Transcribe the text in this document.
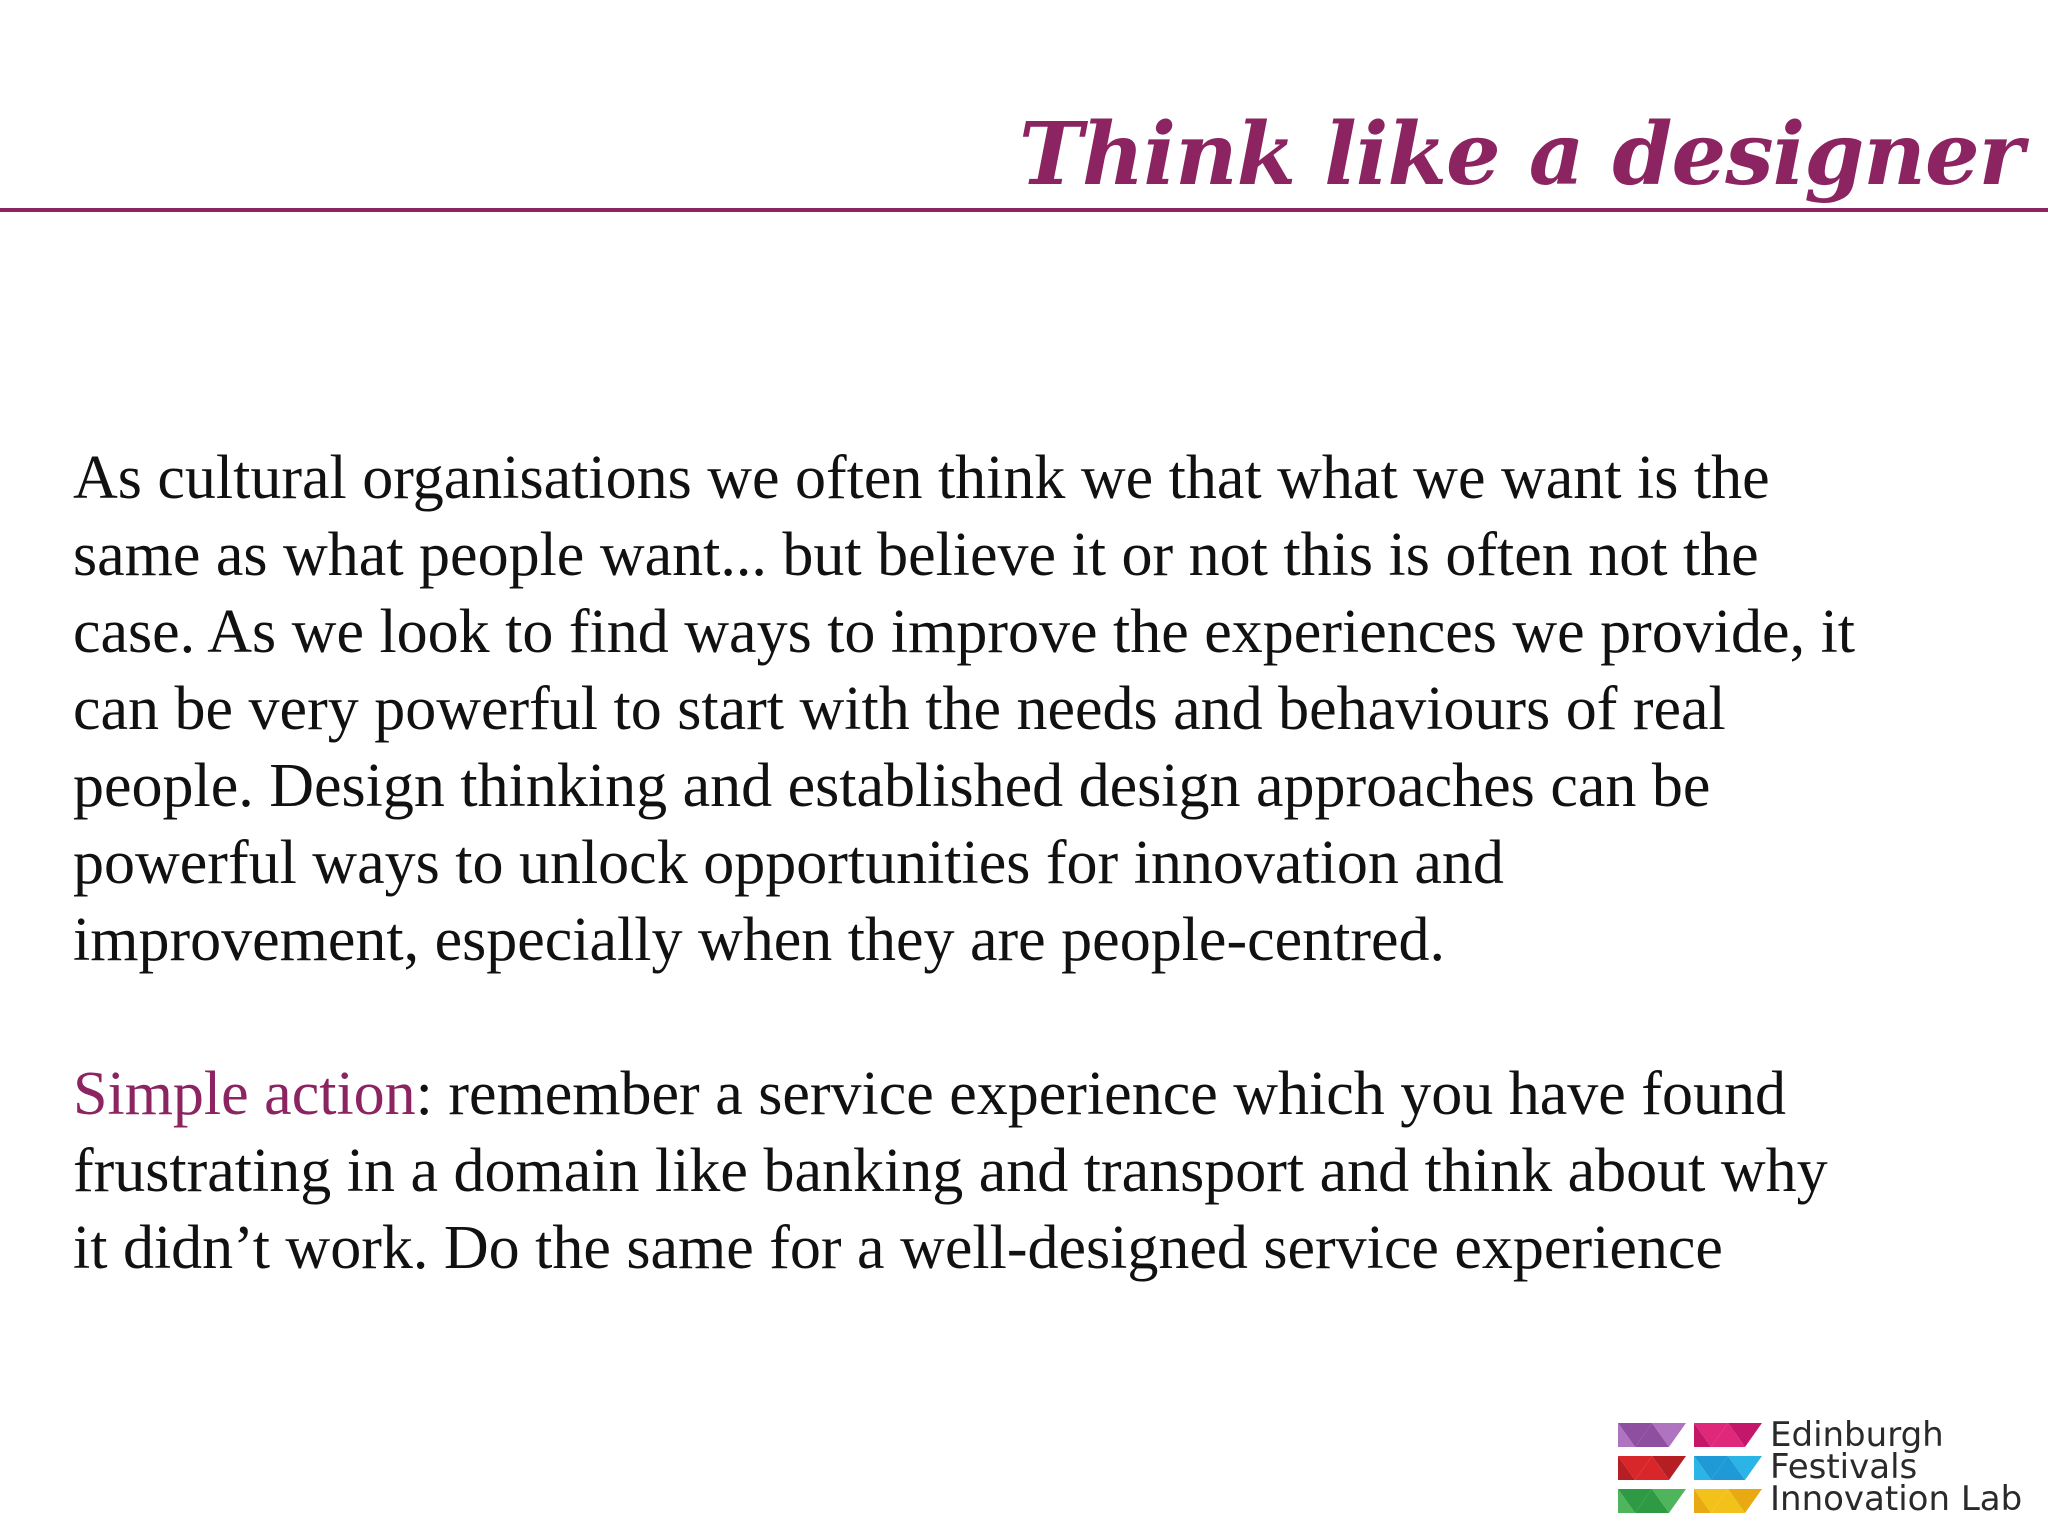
Think like a designer

As cultural organisations we often think we that what we want is the
same as what people want... but believe it or not this is often not the
case. As we look to find ways to improve the experiences we provide, it
can be very powerful to start with the needs and behaviours of real
people. Design thinking and established design approaches can be
powerful ways to unlock opportunities for innovation and
improvement, especially when they are people-centred.

Simple action: remember a service experience which you have found
frustrating in a domain like banking and transport and think about why
it didn’t work. Do the same for a well-designed service experience

Edinburgh
Festivals
Innovation Lab
